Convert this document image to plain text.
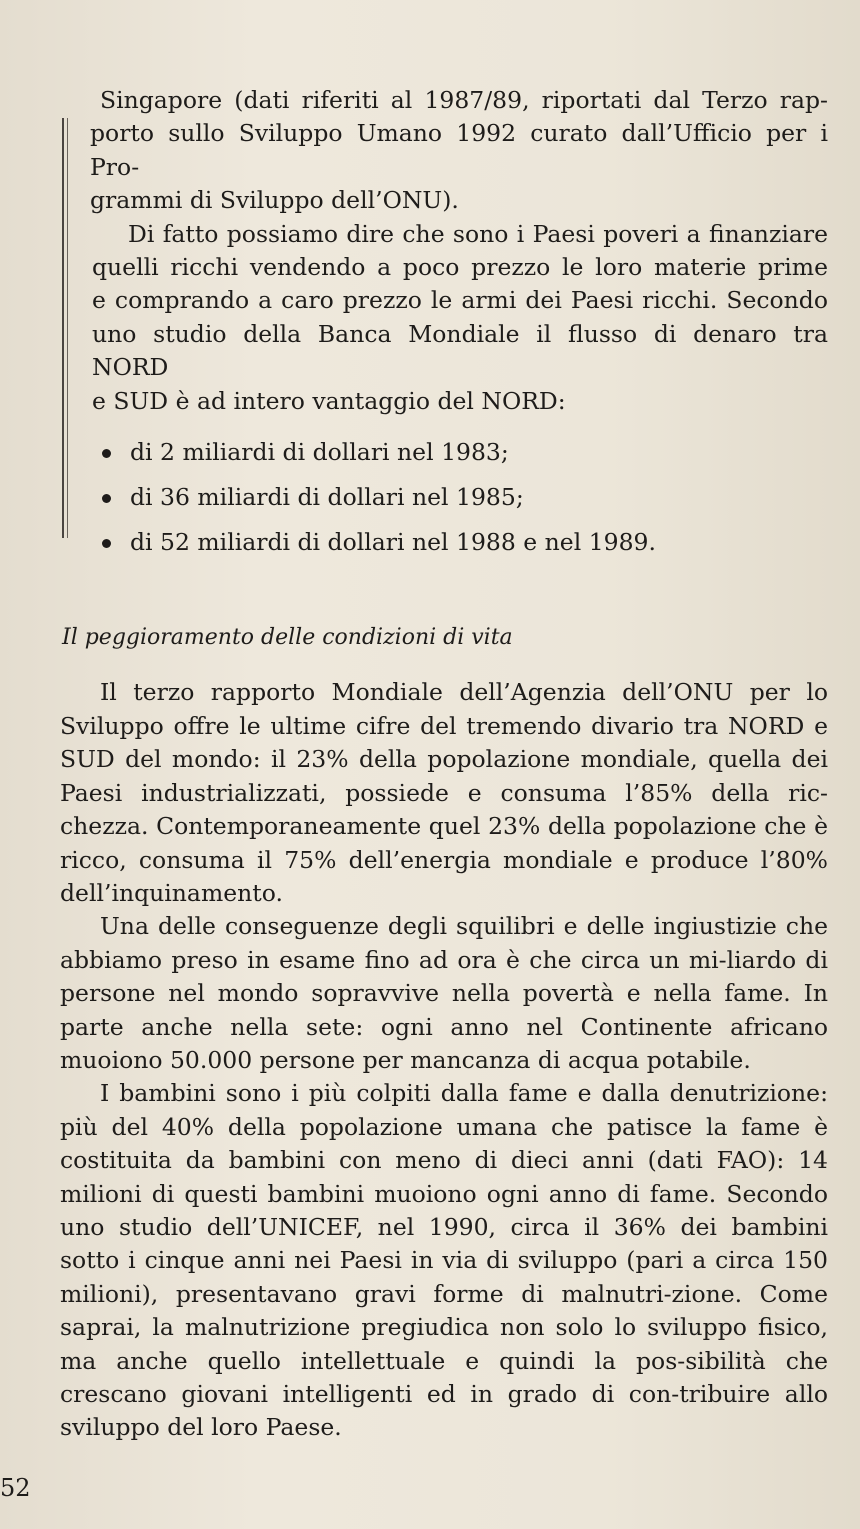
Singapore (dati riferiti al 1987/89, riportati dal Terzo rap-
porto sullo Sviluppo Umano 1992 curato dall’Ufficio per i Pro-
grammi di Sviluppo dell’ONU).

Di fatto possiamo dire che sono i Paesi poveri a finanziare
quelli ricchi vendendo a poco prezzo le loro materie prime
e comprando a caro prezzo le armi dei Paesi ricchi. Secondo
uno studio della Banca Mondiale il flusso di denaro tra NORD
e SUD è ad intero vantaggio del NORD:

di 2 miliardi di dollari nel 1983;
di 36 miliardi di dollari nel 1985;
di 52 miliardi di dollari nel 1988 e nel 1989.
Il peggioramento delle condizioni di vita

Il terzo rapporto Mondiale dell’Agenzia dell’ONU per lo Sviluppo offre le ultime cifre del tremendo divario tra NORD e SUD del mondo: il 23% della popolazione mondiale, quella dei Paesi industrializzati, possiede e consuma l’85% della ric-chezza. Contemporaneamente quel 23% della popolazione che è ricco, consuma il 75% dell’energia mondiale e produce l’80% dell’inquinamento.

Una delle conseguenze degli squilibri e delle ingiustizie che abbiamo preso in esame fino ad ora è che circa un mi-liardo di persone nel mondo sopravvive nella povertà e nella fame. In parte anche nella sete: ogni anno nel Continente africano muoiono 50.000 persone per mancanza di acqua potabile.

I bambini sono i più colpiti dalla fame e dalla denutrizione: più del 40% della popolazione umana che patisce la fame è costituita da bambini con meno di dieci anni (dati FAO): 14 milioni di questi bambini muoiono ogni anno di fame. Secondo uno studio dell’UNICEF, nel 1990, circa il 36% dei bambini sotto i cinque anni nei Paesi in via di sviluppo (pari a circa 150 milioni), presentavano gravi forme di malnutri-zione. Come saprai, la malnutrizione pregiudica non solo lo sviluppo fisico, ma anche quello intellettuale e quindi la pos-sibilità che crescano giovani intelligenti ed in grado di con-tribuire allo sviluppo del loro Paese.

52
